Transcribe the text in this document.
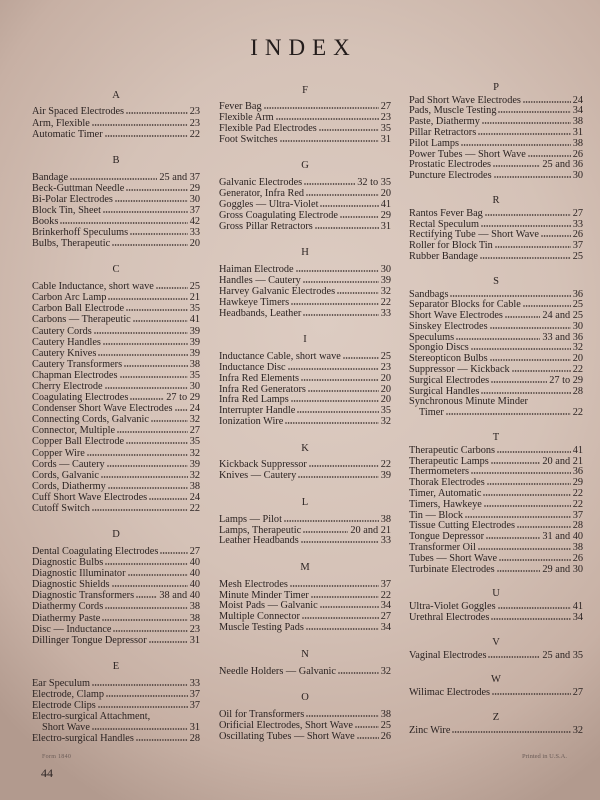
INDEX
A
Air Spaced Electrodes	23
Arm, Flexible	23
Automatic Timer	22
B
Bandage	25 and 37
Beck-Guttman Needle	29
Bi-Polar Electrodes	30
Block Tin, Sheet	37
Books	42
Brinkerhoff Speculums	33
Bulbs, Therapeutic	20
C
Cable Inductance, short wave	25
Carbon Arc Lamp	21
Carbon Ball Electrode	35
Carbons — Therapeutic	41
Cautery Cords	39
Cautery Handles	39
Cautery Knives	39
Cautery Transformers	38
Chapman Electrodes	35
Cherry Electrode	30
Coagulating Electrodes	27 to 29
Condenser Short Wave Electrodes 24
Connecting Cords, Galvanic	32
Connector, Multiple	27
Copper Ball Electrode	35
Copper Wire	32
Cords — Cautery	39
Cords, Galvanic	32
Cords, Diathermy	38
Cuff Short Wave Electrodes	24
Cutoff Switch	22
D
Dental Coagulating Electrodes	27
Diagnostic Bulbs	40
Diagnostic Illuminator	40
Diagnostic Shields	40
Diagnostic Transformers 38 and 40
Diathermy Cords	38
Diathermy Paste	38
Disc — Inductance	23
Dillinger Tongue Depressor	31
E
Ear Speculum	33
Electrode, Clamp	37
Electrode Clips	37
Electro-surgical Attachment,
Short Wave	31
Electro-surgical Handles	28
F
Fever Bag	27
Flexible Arm	23
Flexible Pad Electrodes	35
Foot Switches	31
G
Galvanic Electrodes	32 to 35
Generator, Infra Red	20
Goggles — Ultra-Violet	41
Gross Coagulating Electrode	29
Gross Pillar Retractors	31
H
Haiman Electrode	30
Handles — Cautery	39
Harvey Galvanic Electrodes	32
Hawkeye Timers	22
Headbands, Leather	33
I
Inductance Cable, short wave	25
Inductance Disc	23
Infra Red Elements	20
Infra Red Generators	20
Infra Red Lamps	20
Interrupter Handle	35
Ionization Wire	32
K
Kickback Suppressor	22
Knives — Cautery	39
L
Lamps — Pilot	38
Lamps, Therapeutic	20 and 21
Leather Headbands	33
M
Mesh Electrodes	37
Minute Minder Timer	22
Moist Pads — Galvanic	34
Multiple Connector	27
Muscle Testing Pads	34
N
Needle Holders — Galvanic	32
O
Oil for Transformers	38
Orificial Electrodes, Short Wave	25
Oscillating Tubes — Short Wave	26
P
Pad Short Wave Electrodes	24
Pads, Muscle Testing	34
Paste, Diathermy	38
Pillar Retractors	31
Pilot Lamps	38
Power Tubes — Short Wave	26
Prostatic Electrodes	25 and 36
Puncture Electrodes	30
R
Rantos Fever Bag	27
Rectal Speculum	33
Rectifying Tube — Short Wave	26
Roller for Block Tin	37
Rubber Bandage	25
S
Sandbags	36
Separator Blocks for Cable	25
Short Wave Electrodes	24 and 25
Sinskey Electrodes	30
Speculums	33 and 36
Spongio Discs	32
Stereopticon Bulbs	20
Suppressor — Kickback	22
Surgical Electrodes	27 to 29
Surgical Handles	28
Synchronous Minute Minder
Timer	22
T
Therapeutic Carbons	41
Therapeutic Lamps	20 and 21
Thermometers	36
Thorak Electrodes	29
Timer, Automatic	22
Timers, Hawkeye	22
Tin — Block	37
Tissue Cutting Electrodes	28
Tongue Depressor	31 and 40
Transformer Oil	38
Tubes — Short Wave	26
Turbinate Electrodes	29 and 30
U
Ultra-Violet Goggles	41
Urethral Electrodes	34
V
Vaginal Electrodes	25 and 35
W
Wilimac Electrodes	27
Z
Zinc Wire	32
Form 1840
44
Printed in U.S.A.
